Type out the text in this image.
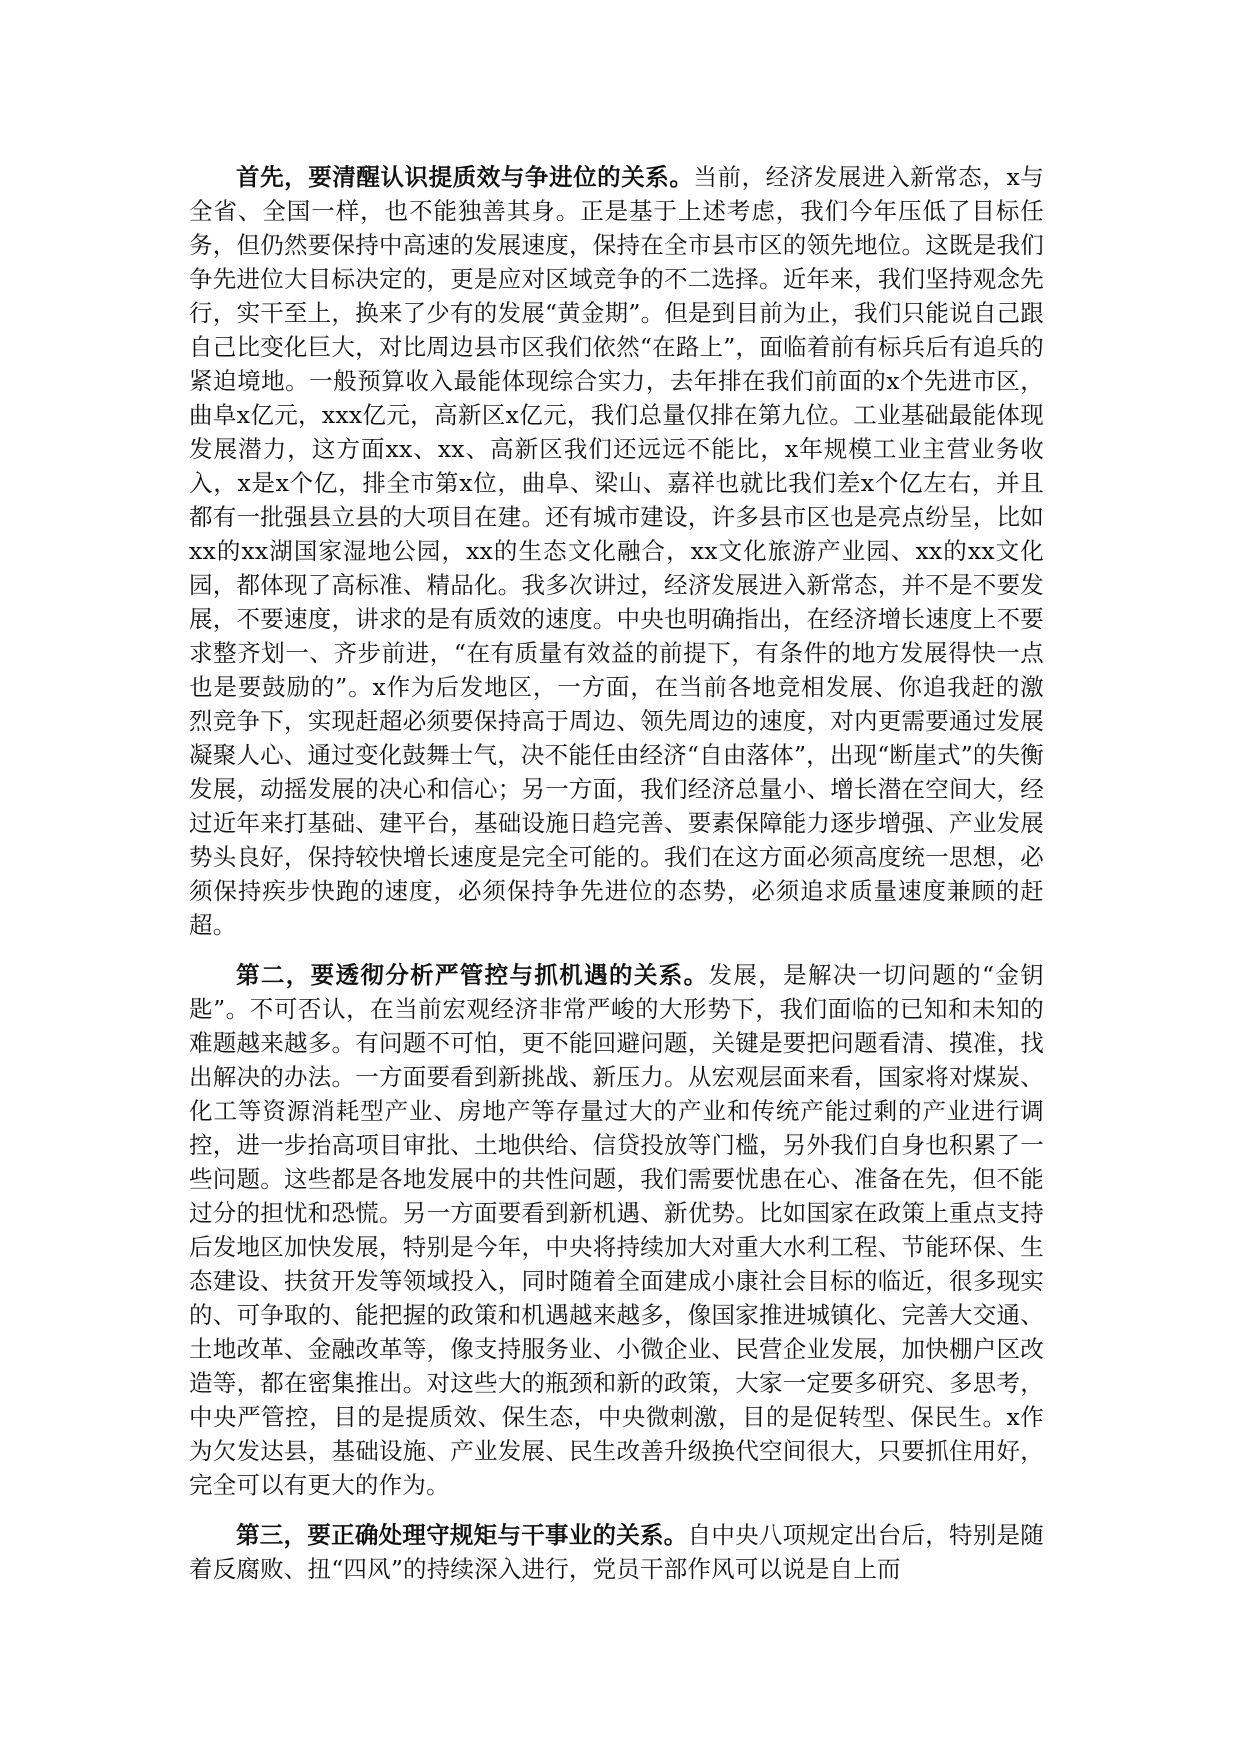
首先，要清醒认识提质效与争进位的关系。当前，经济发展进入新常态，x与全省、全国一样，也不能独善其身。正是基于上述考虑，我们今年压低了目标任务，但仍然要保持中高速的发展速度，保持在全市县市区的领先地位。这既是我们争先进位大目标决定的，更是应对区域竞争的不二选择。近年来，我们坚持观念先行，实干至上，换来了少有的发展“黄金期”。但是到目前为止，我们只能说自己跟自己比变化巨大，对比周边县市区我们依然“在路上”，面临着前有标兵后有追兵的紧迫境地。一般预算收入最能体现综合实力，去年排在我们前面的x个先进市区，曲阜x亿元，xxx亿元，高新区x亿元，我们总量仅排在第九位。工业基础最能体现发展潜力，这方面xx、xx、高新区我们还远远不能比，x年规模工业主营业务收入，x是x个亿，排全市第x位，曲阜、梁山、嘉祥也就比我们差x个亿左右，并且都有一批强县立县的大项目在建。还有城市建设，许多县市区也是亮点纷呈，比如xx的xx湖国家湿地公园，xx的生态文化融合，xx文化旅游产业园、xx的xx文化园，都体现了高标准、精品化。我多次讲过，经济发展进入新常态，并不是不要发展，不要速度，讲求的是有质效的速度。中央也明确指出，在经济增长速度上不要求整齐划一、齐步前进，“在有质量有效益的前提下，有条件的地方发展得快一点也是要鼓励的”。x作为后发地区，一方面，在当前各地竞相发展、你追我赶的激烈竞争下，实现赶超必须要保持高于周边、领先周边的速度，对内更需要通过发展凝聚人心、通过变化鼓舞士气，决不能任由经济“自由落体”，出现“断崖式”的失衡发展，动摇发展的决心和信心；另一方面，我们经济总量小、增长潜在空间大，经过近年来打基础、建平台，基础设施日趋完善、要素保障能力逐步增强、产业发展势头良好，保持较快增长速度是完全可能的。我们在这方面必须高度统一思想，必须保持疾步快跑的速度，必须保持争先进位的态势，必须追求质量速度兼顾的赶超。

第二，要透彻分析严管控与抓机遇的关系。发展，是解决一切问题的“金钥匙”。不可否认，在当前宏观经济非常严峻的大形势下，我们面临的已知和未知的难题越来越多。有问题不可怕，更不能回避问题，关键是要把问题看清、摸准，找出解决的办法。一方面要看到新挑战、新压力。从宏观层面来看，国家将对煤炭、化工等资源消耗型产业、房地产等存量过大的产业和传统产能过剩的产业进行调控，进一步抬高项目审批、土地供给、信贷投放等门槛，另外我们自身也积累了一些问题。这些都是各地发展中的共性问题，我们需要忧患在心、准备在先，但不能过分的担忧和恐慌。另一方面要看到新机遇、新优势。比如国家在政策上重点支持后发地区加快发展，特别是今年，中央将持续加大对重大水利工程、节能环保、生态建设、扶贫开发等领域投入，同时随着全面建成小康社会目标的临近，很多现实的、可争取的、能把握的政策和机遇越来越多，像国家推进城镇化、完善大交通、土地改革、金融改革等，像支持服务业、小微企业、民营企业发展，加快棚户区改造等，都在密集推出。对这些大的瓶颈和新的政策，大家一定要多研究、多思考，中央严管控，目的是提质效、保生态，中央微刺激，目的是促转型、保民生。x作为欠发达县，基础设施、产业发展、民生改善升级换代空间很大，只要抓住用好，完全可以有更大的作为。

第三，要正确处理守规矩与干事业的关系。自中央八项规定出台后，特别是随着反腐败、扭“四风”的持续深入进行，党员干部作风可以说是自上而
